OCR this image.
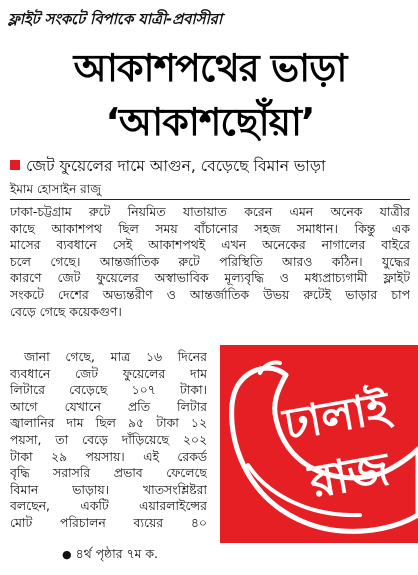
ফ্লাইট সংকটে বিপাকে যাত্রী-প্রবাসীরা
আকাশপথের ভাড়া
‘আকাশছোঁয়া’
জেট ফুয়েলের দামে আগুন, বেড়েছে বিমান ভাড়া
ইমাম হোসাইন রাজু
ঢাকা-চট্টগ্রাম রুটে নিয়মিত যাতায়াত করেন এমন অনেক যাত্রীর
কাছে আকাশপথ ছিল সময় বাঁচানোর সহজ সমাধান। কিন্তু এক
মাসের ব্যবধানে সেই আকাশপথই এখন অনেকের নাগালের বাইরে
চলে গেছে। আন্তর্জাতিক রুটে পরিস্থিতি আরও কঠিন। যুদ্ধের
কারণে জেট ফুয়েলের অস্বাভাবিক মূল্যবৃদ্ধি ও মধ্যপ্রাচ্যগামী ফ্লাইট
সংকটে দেশের অভ্যন্তরীণ ও আন্তর্জাতিক উভয় রুটেই ভাড়ার চাপ
বেড়ে গেছে কয়েকগুণ।
জানা গেছে, মাত্র ১৬ দিনের
ব্যবধানে জেট ফুয়েলের দাম
লিটারে বেড়েছে ১০৭ টাকা।
আগে যেখানে প্রতি লিটার
জ্বালানির দাম ছিল ৯৫ টাকা ১২
পয়সা, তা বেড়ে দাঁড়িয়েছে ২০২
টাকা ২৯ পয়সায়। এই রেকর্ড
বৃদ্ধি সরাসরি প্রভাব ফেলেছে
বিমান ভাড়ায়। খাতসংশ্লিষ্টরা
বলছেন, একটি এয়ারলাইন্সের
মোট পরিচালন ব্যয়ের ৪০
ঢালাই
রাজ
● ৪র্থ পৃষ্ঠার ৭ম ক.
